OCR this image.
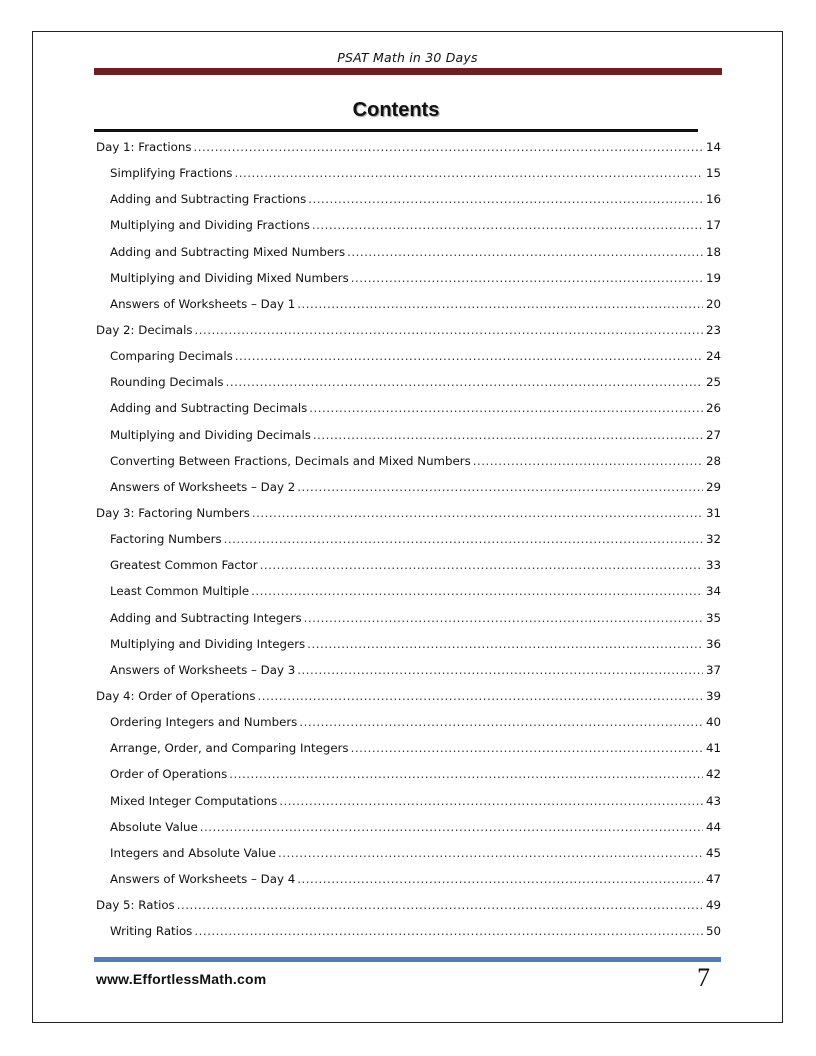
PSAT Math in 30 Days
Contents
Day 1: Fractions .....	14
Simplifying Fractions .....	15
Adding and Subtracting Fractions .....	16
Multiplying and Dividing Fractions .....	17
Adding and Subtracting Mixed Numbers .....	18
Multiplying and Dividing Mixed Numbers .....	19
Answers of Worksheets – Day 1 .....	20
Day 2: Decimals .....	23
Comparing Decimals .....	24
Rounding Decimals .....	25
Adding and Subtracting Decimals .....	26
Multiplying and Dividing Decimals .....	27
Converting Between Fractions, Decimals and Mixed Numbers .....	28
Answers of Worksheets – Day 2 .....	29
Day 3: Factoring Numbers .....	31
Factoring Numbers .....	32
Greatest Common Factor .....	33
Least Common Multiple .....	34
Adding and Subtracting Integers .....	35
Multiplying and Dividing Integers .....	36
Answers of Worksheets – Day 3 .....	37
Day 4: Order of Operations .....	39
Ordering Integers and Numbers .....	40
Arrange, Order, and Comparing Integers .....	41
Order of Operations .....	42
Mixed Integer Computations .....	43
Absolute Value .....	44
Integers and Absolute Value .....	45
Answers of Worksheets – Day 4 .....	47
Day 5: Ratios .....	49
Writing Ratios .....	50
www.EffortlessMath.com	7
